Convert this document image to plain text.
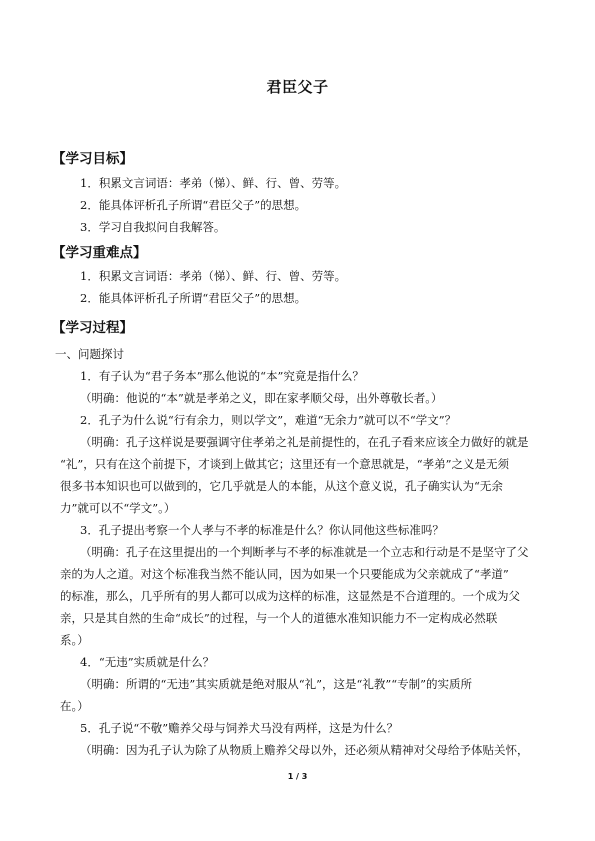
君臣父子
【学习目标】
1．积累文言词语：孝弟（悌）、鲜、行、曾、劳等。
2．能具体评析孔子所谓“君臣父子”的思想。
3．学习自我拟问自我解答。
【学习重难点】
1．积累文言词语：孝弟（悌）、鲜、行、曾、劳等。
2．能具体评析孔子所谓“君臣父子”的思想。
【学习过程】
一、问题探讨
1．有子认为“君子务本”那么他说的“本”究竟是指什么？
（明确：他说的“本”就是孝弟之义，即在家孝顺父母，出外尊敬长者。）
2．孔子为什么说“行有余力，则以学文”，难道“无余力”就可以不“学文”？
（明确：孔子这样说是要强调守住孝弟之礼是前提性的，在孔子看来应该全力做好的就是
“礼”，只有在这个前提下，才谈到上做其它；这里还有一个意思就是，“孝弟”之义是无须
很多书本知识也可以做到的，它几乎就是人的本能，从这个意义说，孔子确实认为“无余
力”就可以不“学文”。）
3．孔子提出考察一个人孝与不孝的标准是什么？你认同他这些标准吗？
（明确：孔子在这里提出的一个判断孝与不孝的标准就是一个立志和行动是不是坚守了父
亲的为人之道。对这个标准我当然不能认同，因为如果一个只要能成为父亲就成了“孝道”
的标准，那么，几乎所有的男人都可以成为这样的标准，这显然是不合道理的。一个成为父
亲，只是其自然的生命“成长”的过程，与一个人的道德水准知识能力不一定构成必然联
系。）
4．“无违”实质就是什么？
（明确：所谓的“无违”其实质就是绝对服从“礼”，这是“礼教”“专制”的实质所
在。）
5．孔子说“不敬”赡养父母与饲养犬马没有两样，这是为什么？
（明确：因为孔子认为除了从物质上赡养父母以外，还必须从精神对父母给予体贴关怀，
1 / 3
